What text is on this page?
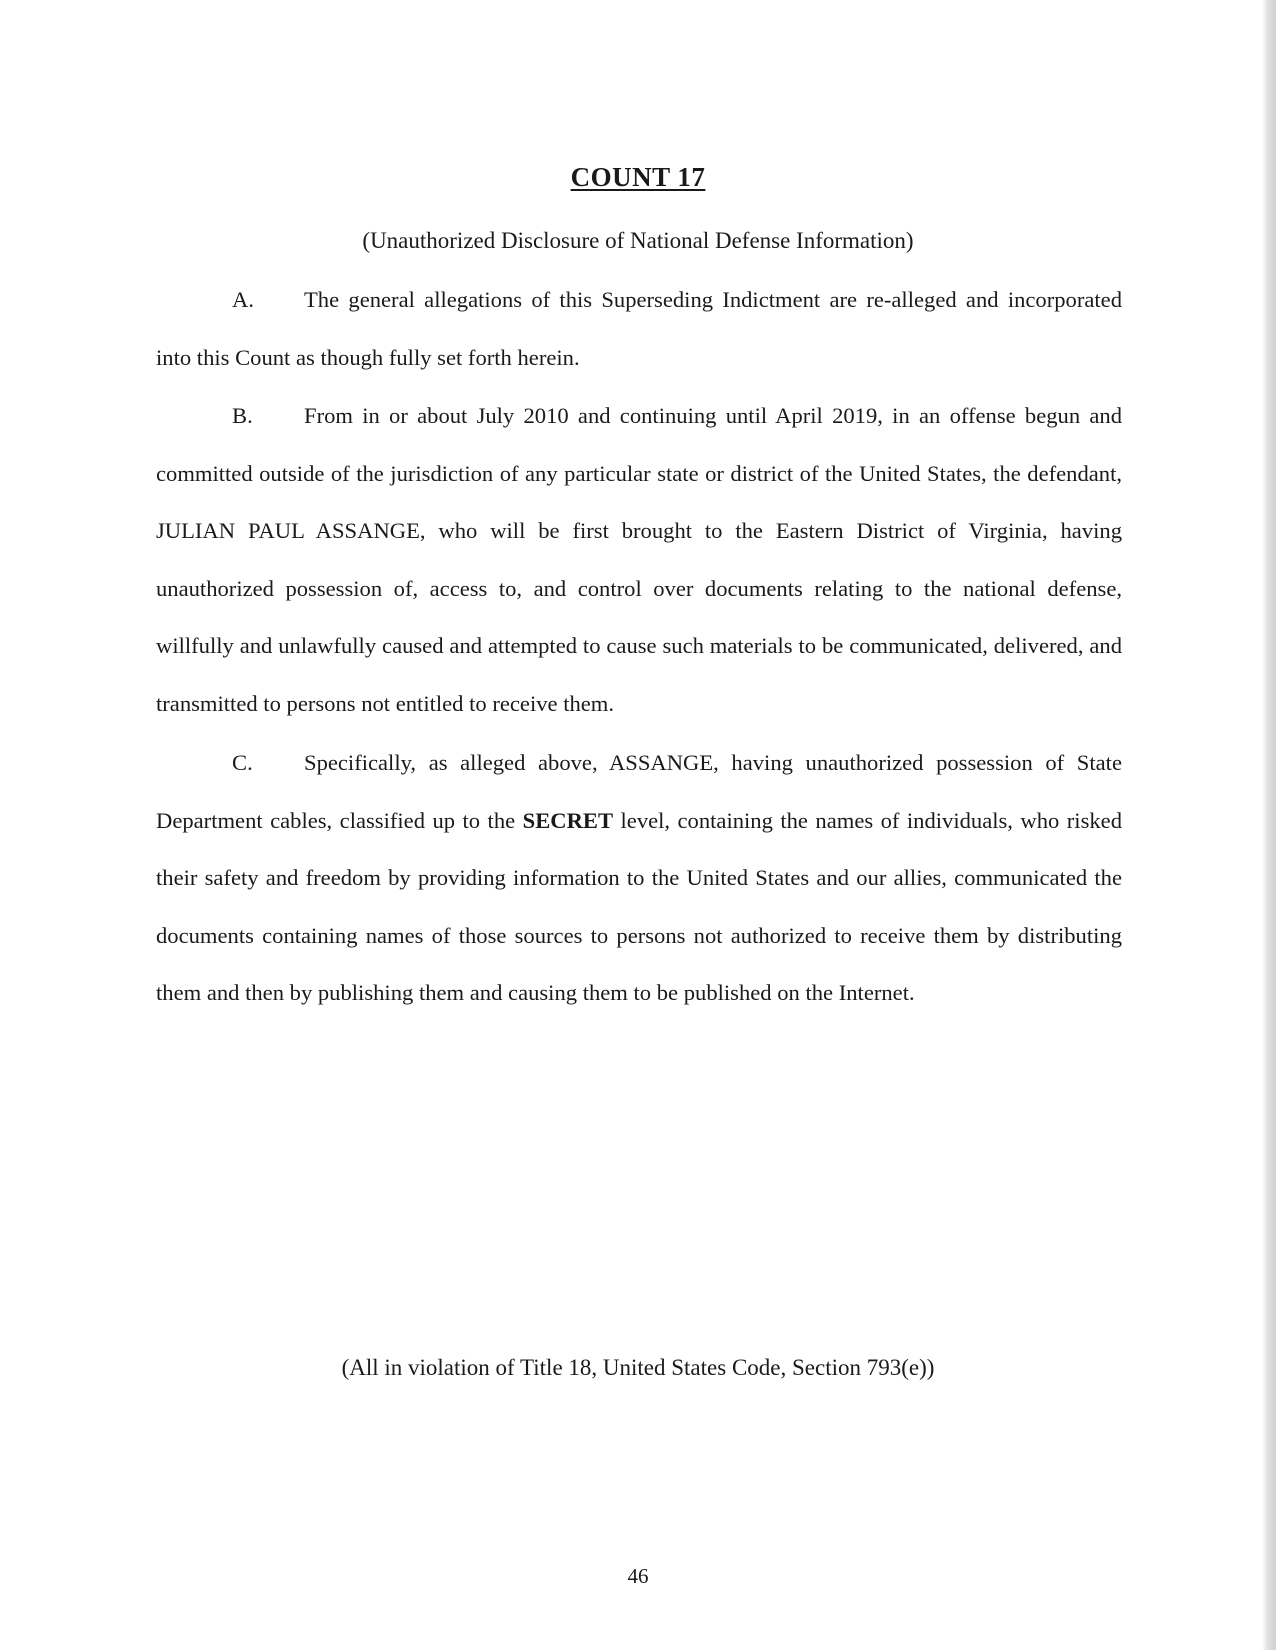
COUNT 17

(Unauthorized Disclosure of National Defense Information)

A. The general allegations of this Superseding Indictment are re-alleged and incorporated into this Count as though fully set forth herein.

B. From in or about July 2010 and continuing until April 2019, in an offense begun and committed outside of the jurisdiction of any particular state or district of the United States, the defendant, JULIAN PAUL ASSANGE, who will be first brought to the Eastern District of Virginia, having unauthorized possession of, access to, and control over documents relating to the national defense, willfully and unlawfully caused and attempted to cause such materials to be communicated, delivered, and transmitted to persons not entitled to receive them.

C. Specifically, as alleged above, ASSANGE, having unauthorized possession of State Department cables, classified up to the SECRET level, containing the names of individuals, who risked their safety and freedom by providing information to the United States and our allies, communicated the documents containing names of those sources to persons not authorized to receive them by distributing them and then by publishing them and causing them to be published on the Internet.

(All in violation of Title 18, United States Code, Section 793(e))

46
